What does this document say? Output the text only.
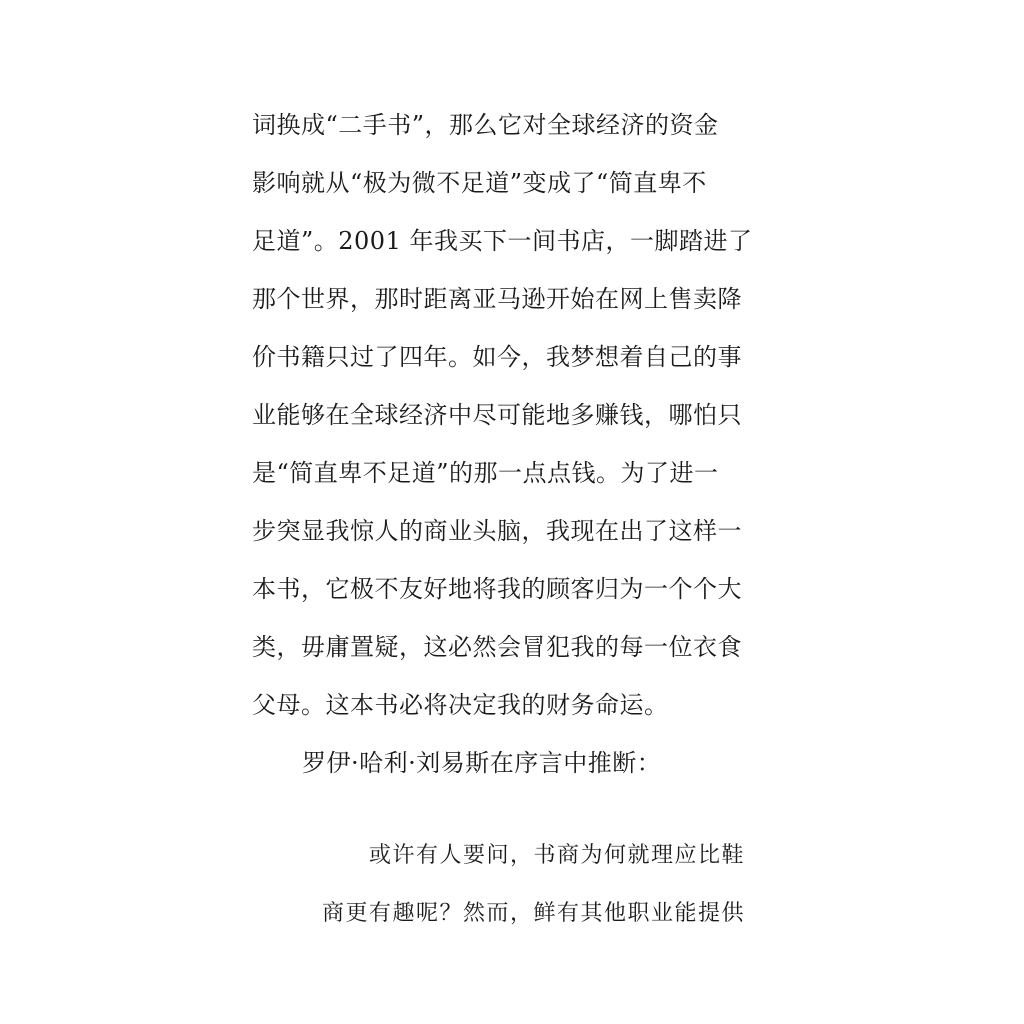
词换成“二手书”，那么它对全球经济的资金
影响就从“极为微不足道”变成了“简直卑不
足道”。2001 年我买下一间书店，一脚踏进了
那个世界，那时距离亚马逊开始在网上售卖降
价书籍只过了四年。如今，我梦想着自己的事
业能够在全球经济中尽可能地多赚钱，哪怕只
是“简直卑不足道”的那一点点钱。为了进一
步突显我惊人的商业头脑，我现在出了这样一
本书，它极不友好地将我的顾客归为一个个大
类，毋庸置疑，这必然会冒犯我的每一位衣食
父母。这本书必将决定我的财务命运。
罗伊·哈利·刘易斯在序言中推断：
或许有人要问，书商为何就理应比鞋
商更有趣呢？然而，鲜有其他职业能提供
